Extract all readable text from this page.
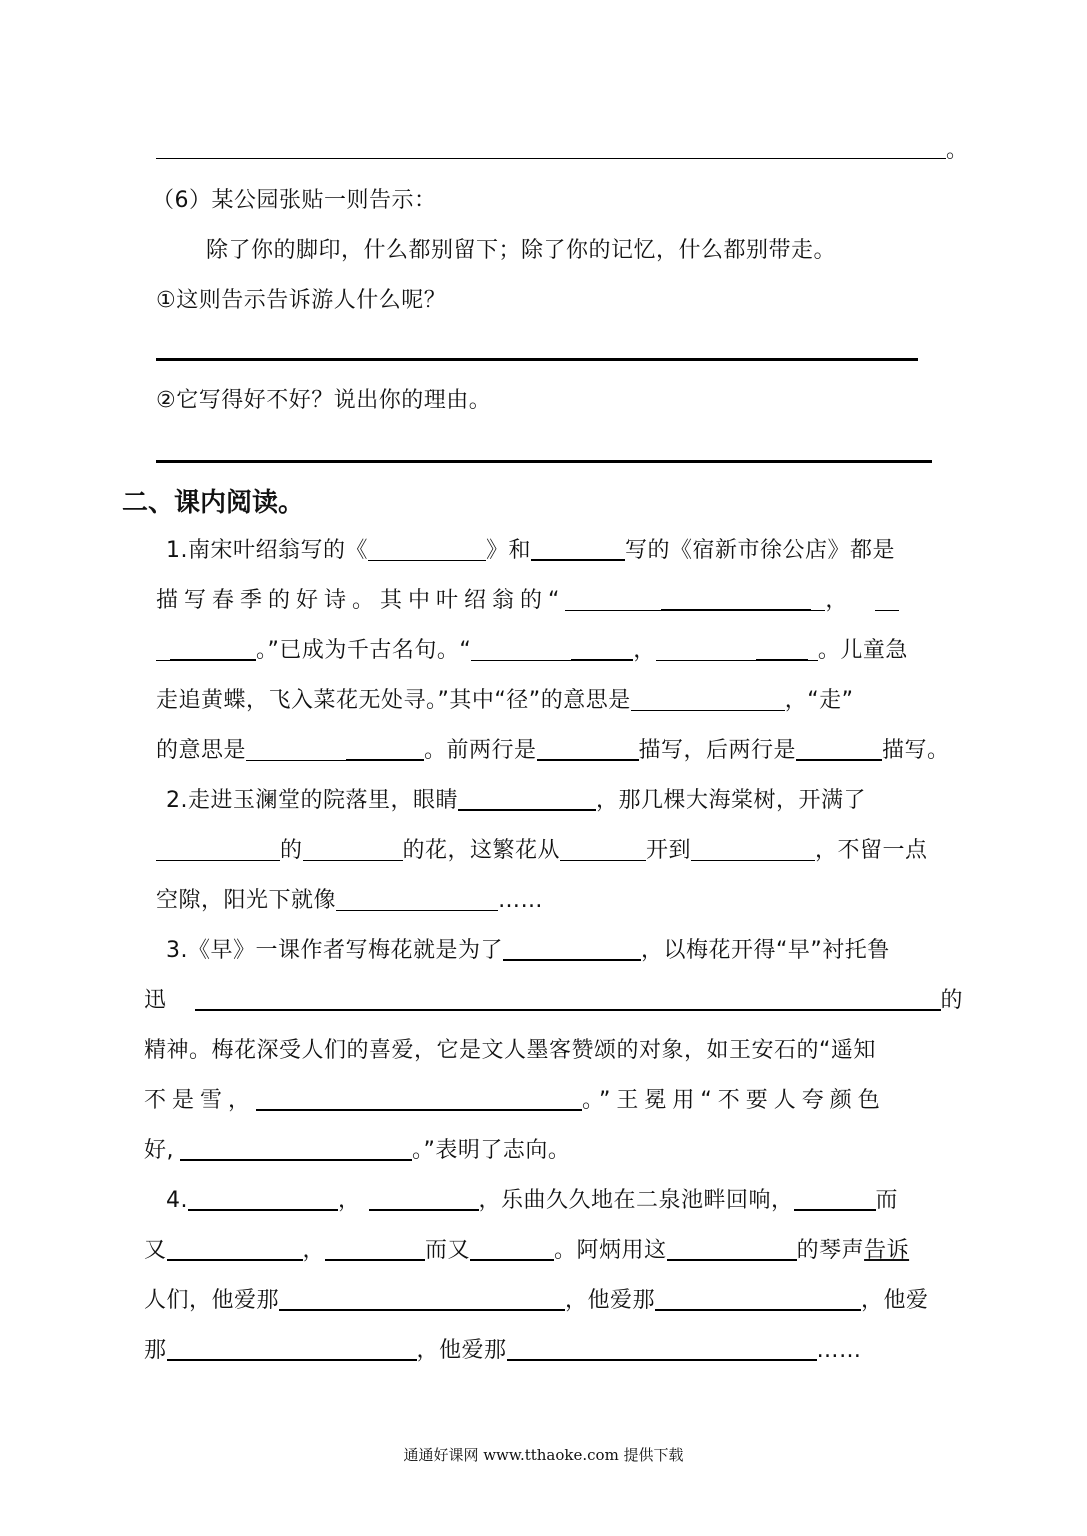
。
（6）某公园张贴一则告示：
除了你的脚印，什么都别留下；除了你的记忆，什么都别带走。
①这则告示告诉游人什么呢？
②它写得好不好？说出你的理由。
二、课内阅读。
1.南宋叶绍翁写的《	》和	写的《宿新市徐公店》都是
描写春季的好诗。其中叶绍翁的“	，
。”已成为千古名句。“	，	。儿童急
走追黄蝶，飞入菜花无处寻。”其中“径”的意思是	，“走”
的意思是	。前两行是	描写，后两行是	描写。
2.走进玉澜堂的院落里，眼睛	，那几棵大海棠树，开满了
的	的花，这繁花从	开到	，不留一点
空隙，阳光下就像	……
3.《早》一课作者写梅花就是为了	，以梅花开得“早”衬托鲁
迅	的
精神。梅花深受人们的喜爱，它是文人墨客赞颂的对象，如王安石的“遥知
不是雪，	。”王冕用“不要人夸颜色
好,	。”表明了志向。
4.	，	，乐曲久久地在二泉池畔回响，	而
又	，	而又	。阿炳用这	的琴声告诉
人们，他爱那	，他爱那	，他爱
那	，他爱那	……
通通好课网 www.tthaoke.com 提供下载
